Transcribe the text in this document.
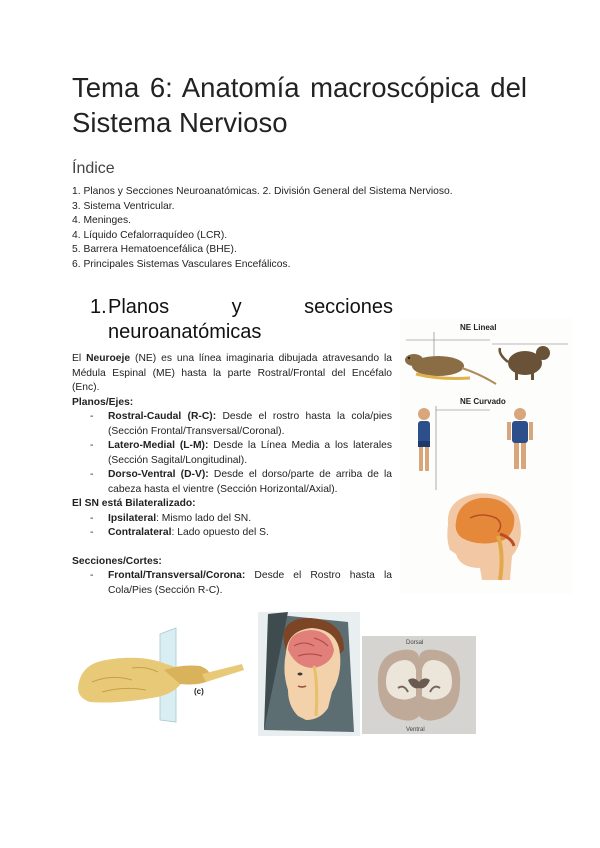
Tema 6: Anatomía macroscópica del Sistema Nervioso
Índice
1. Planos y Secciones Neuroanatómicas. 2. División General del Sistema Nervioso.
3. Sistema Ventricular.
4. Meninges.
4. Líquido Cefalorraquídeo (LCR).
5. Barrera Hematoencefálica (BHE).
6. Principales Sistemas Vasculares Encefálicos.
1. Planos y secciones
neuroanatómicas

El Neuroeje (NE) es una línea imaginaria dibujada atravesando la Médula Espinal (ME) hasta la parte Rostral/Frontal del Encéfalo (Enc).

Planos/Ejes:

- Rostral-Caudal (R-C): Desde el rostro hasta la cola/pies (Sección Frontal/Transversal/Coronal).
- Latero-Medial (L-M): Desde la Línea Media a los laterales (Sección Sagital/Longitudinal).
- Dorso-Ventral (D-V): Desde el dorso/parte de arriba de la cabeza hasta el vientre (Sección Horizontal/Axial).

El SN está Bilateralizado:

- Ipsilateral: Mismo lado del SN.
- Contralateral: Lado opuesto del S.

Secciones/Cortes:

- Frontal/Transversal/Corona: Desde el Rostro hasta la Cola/Pies (Sección R-C).
NE Lineal
NE Curvado
(c)
Dorsal
Ventral
